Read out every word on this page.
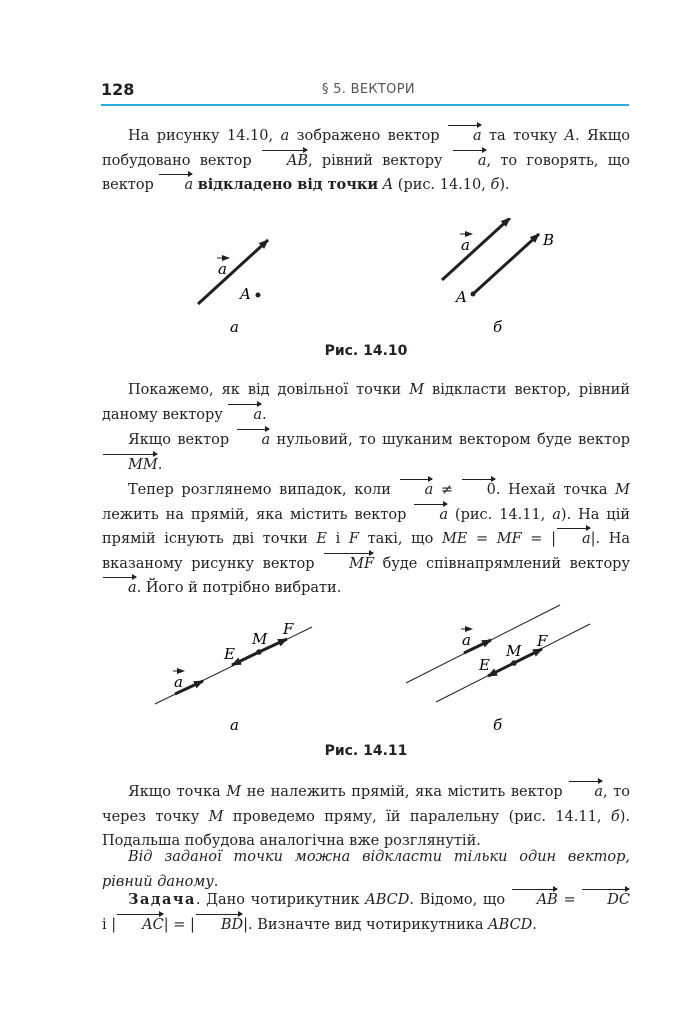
128	§ 5. ВЕКТОРИ

На рисунку 14.10, а зображено вектор a та точку A. Якщо побудовано вектор AB, рівний вектору a, то говорять, що вектор a відкладено від точки A (рис. 14.10, б).

a
A
а
a
A
B
б
Рис. 14.10

Покажемо, як від довільної точки M відкласти вектор, рівний даному вектору a.

Якщо вектор a нульовий, то шуканим вектором буде вектор MM.

Тепер розглянемо випадок, коли a ≠ 0. Нехай точка M лежить на прямій, яка містить вектор a (рис. 14.11, а). На цій прямій існують дві точки E і F такі, що ME = MF = | a|. На вказаному рисунку вектор MF буде співнапрямлений вектору a. Його й потрібно вибрати.

a
E
M
F
а
a
E
M
F
б
Рис. 14.11

Якщо точка M не належить прямій, яка містить вектор a, то через точку M проведемо пряму, їй паралельну (рис. 14.11, б). Подальша побудова аналогічна вже розглянутій.

Від заданої точки можна відкласти тільки один вектор, рівний даному.

Задача. Дано чотирикутник ABCD. Відомо, що AB = DC і | AC| = | BD|. Визначте вид чотирикутника ABCD.
